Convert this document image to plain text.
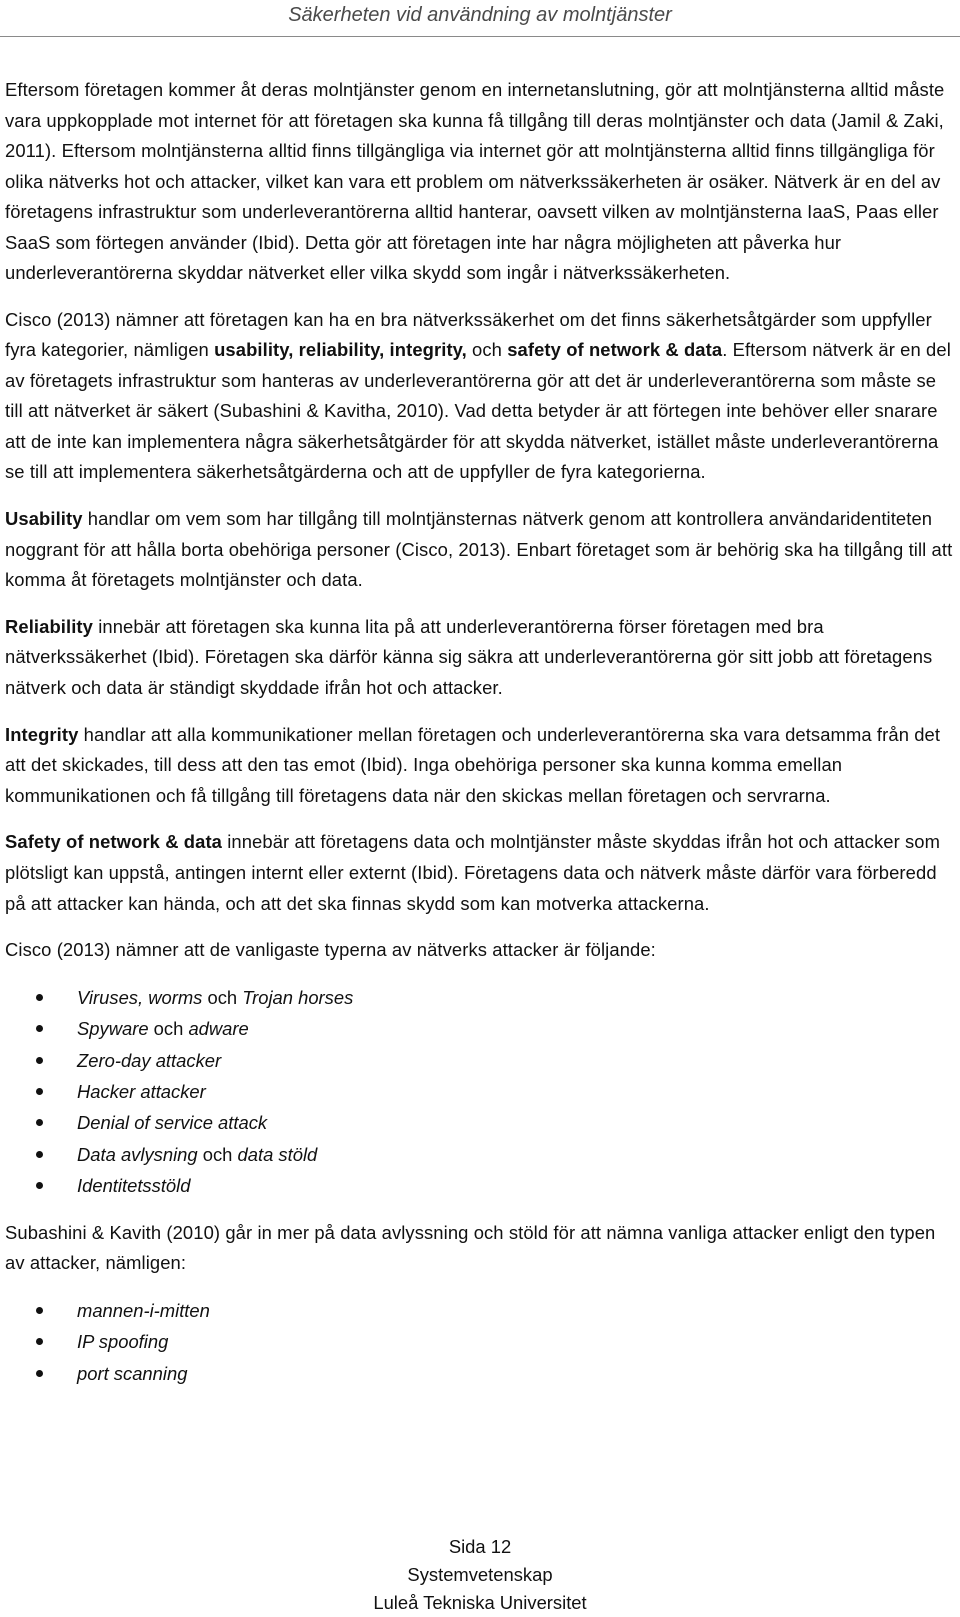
Säkerheten vid användning av molntjänster

Eftersom företagen kommer åt deras molntjänster genom en internetanslutning, gör att molntjänsterna alltid måste vara uppkopplade mot internet för att företagen ska kunna få tillgång till deras molntjänster och data (Jamil & Zaki, 2011). Eftersom molntjänsterna alltid finns tillgängliga via internet gör att molntjänsterna alltid finns tillgängliga för olika nätverks hot och attacker, vilket kan vara ett problem om nätverkssäkerheten är osäker. Nätverk är en del av företagens infrastruktur som underleverantörerna alltid hanterar, oavsett vilken av molntjänsterna IaaS, Paas eller SaaS som förtegen använder (Ibid). Detta gör att företagen inte har några möjligheten att påverka hur underleverantörerna skyddar nätverket eller vilka skydd som ingår i nätverkssäkerheten.

Cisco (2013) nämner att företagen kan ha en bra nätverkssäkerhet om det finns säkerhetsåtgärder som uppfyller fyra kategorier, nämligen usability, reliability, integrity, och safety of network & data. Eftersom nätverk är en del av företagets infrastruktur som hanteras av underleverantörerna gör att det är underleverantörerna som måste se till att nätverket är säkert (Subashini & Kavitha, 2010). Vad detta betyder är att förtegen inte behöver eller snarare att de inte kan implementera några säkerhetsåtgärder för att skydda nätverket, istället måste underleverantörerna se till att implementera säkerhetsåtgärderna och att de uppfyller de fyra kategorierna.

Usability handlar om vem som har tillgång till molntjänsternas nätverk genom att kontrollera användaridentiteten noggrant för att hålla borta obehöriga personer (Cisco, 2013). Enbart företaget som är behörig ska ha tillgång till att komma åt företagets molntjänster och data.

Reliability innebär att företagen ska kunna lita på att underleverantörerna förser företagen med bra nätverkssäkerhet (Ibid). Företagen ska därför känna sig säkra att underleverantörerna gör sitt jobb att företagens nätverk och data är ständigt skyddade ifrån hot och attacker.

Integrity handlar att alla kommunikationer mellan företagen och underleverantörerna ska vara detsamma från det att det skickades, till dess att den tas emot (Ibid). Inga obehöriga personer ska kunna komma emellan kommunikationen och få tillgång till företagens data när den skickas mellan företagen och servrarna.

Safety of network & data innebär att företagens data och molntjänster måste skyddas ifrån hot och attacker som plötsligt kan uppstå, antingen internt eller externt (Ibid). Företagens data och nätverk måste därför vara förberedd på att attacker kan hända, och att det ska finnas skydd som kan motverka attackerna.

Cisco (2013) nämner att de vanligaste typerna av nätverks attacker är följande:

Viruses, worms och Trojan horses
Spyware och adware
Zero-day attacker
Hacker attacker
Denial of service attack
Data avlysning och data stöld
Identitetsstöld

Subashini & Kavith (2010) går in mer på data avlyssning och stöld för att nämna vanliga attacker enligt den typen av attacker, nämligen:

mannen-i-mitten
IP spoofing
port scanning
Sida 12
Systemvetenskap
Luleå Tekniska Universitet
